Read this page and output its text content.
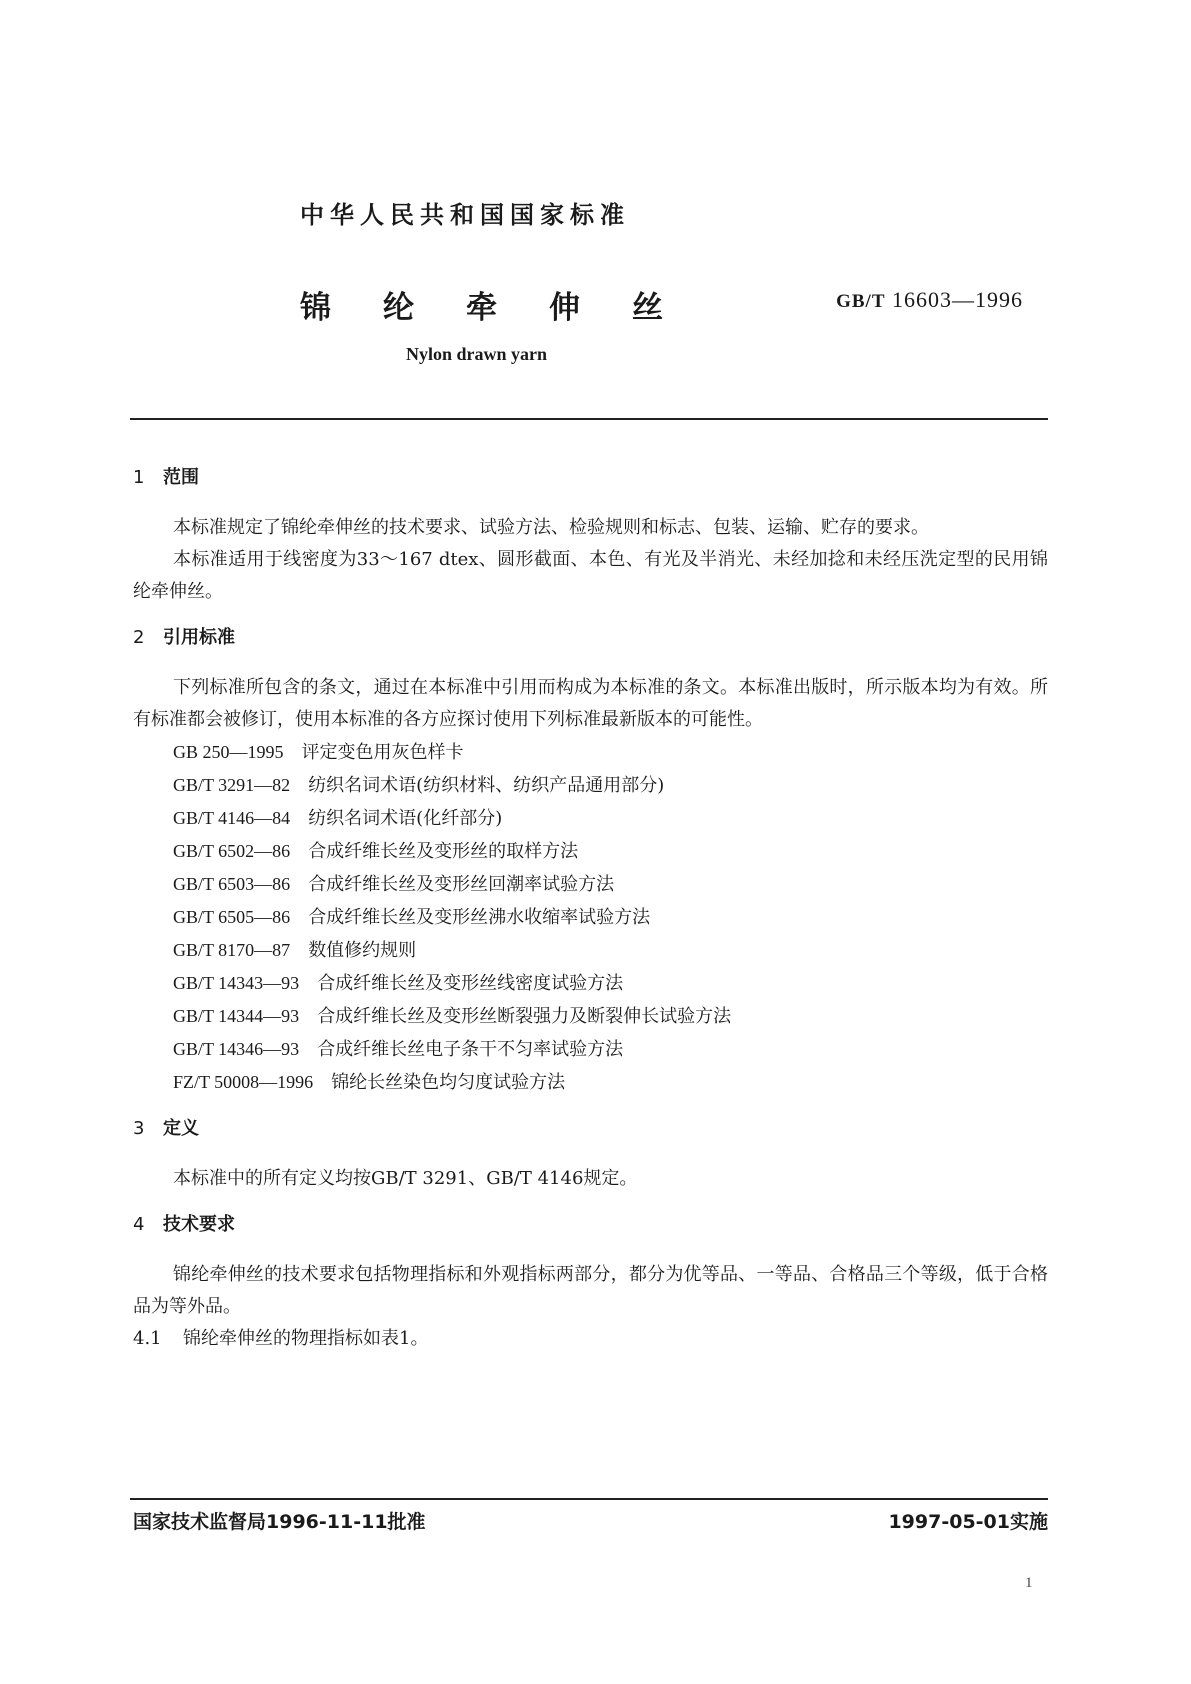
中华人民共和国国家标准
锦纶牵伸丝	GB/T 16603—1996
Nylon drawn yarn
1 范围

本标准规定了锦纶牵伸丝的技术要求、试验方法、检验规则和标志、包装、运输、贮存的要求。

本标准适用于线密度为33～167 dtex、圆形截面、本色、有光及半消光、未经加捻和未经压洗定型的民用锦纶牵伸丝。

2 引用标准

下列标准所包含的条文，通过在本标准中引用而构成为本标准的条文。本标准出版时，所示版本均为有效。所有标准都会被修订，使用本标准的各方应探讨使用下列标准最新版本的可能性。

GB 250—1995 评定变色用灰色样卡
GB/T 3291—82 纺织名词术语(纺织材料、纺织产品通用部分)
GB/T 4146—84 纺织名词术语(化纤部分)
GB/T 6502—86 合成纤维长丝及变形丝的取样方法
GB/T 6503—86 合成纤维长丝及变形丝回潮率试验方法
GB/T 6505—86 合成纤维长丝及变形丝沸水收缩率试验方法
GB/T 8170—87 数值修约规则
GB/T 14343—93 合成纤维长丝及变形丝线密度试验方法
GB/T 14344—93 合成纤维长丝及变形丝断裂强力及断裂伸长试验方法
GB/T 14346—93 合成纤维长丝电子条干不匀率试验方法
FZ/T 50008—1996 锦纶长丝染色均匀度试验方法
3 定义

本标准中的所有定义均按GB/T 3291、GB/T 4146规定。

4 技术要求

锦纶牵伸丝的技术要求包括物理指标和外观指标两部分，都分为优等品、一等品、合格品三个等级，低于合格品为等外品。

4.1 锦纶牵伸丝的物理指标如表1。

国家技术监督局1996-11-11批准	1997-05-01实施
1
